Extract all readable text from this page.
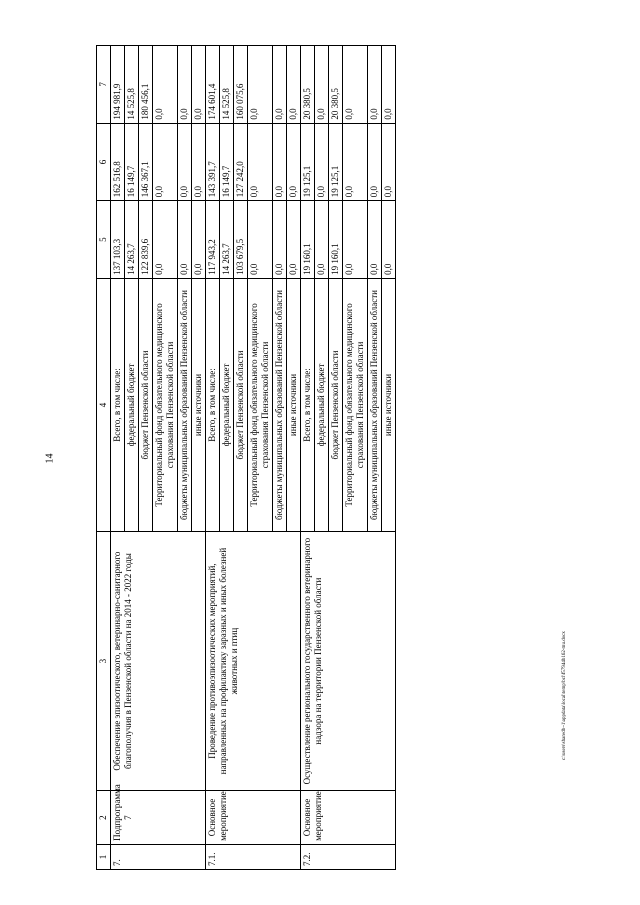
14
c:\users\sharedb~1\appdata\local\temp\bcl\f57944b162-mu.docx
1	2	3	4	5	6	7
7.	Подпрограмма 7	Обеспечение эпизоотического, ветеринарно-санитарного благополучия в Пензенской области на 2014 - 2022 годы	Всего, в том числе:	137 103,3	162 516,8	194 981,9
			федеральный бюджет	14 263,7	16 149,7	14 525,8
			бюджет Пензенской области	122 839,6	146 367,1	180 456,1
			Территориальный фонд обязательного медицинского страхования Пензенской области	0,0	0,0	0,0
			бюджеты муниципальных образований Пензенской области	0,0	0,0	0,0
			иные источники	0,0	0,0	0,0
7.1.	Основное мероприятие	Проведение противоэпизоотических мероприятий, направленных на профилактику заразных и иных болезней животных и птиц	Всего, в том числе:	117 943,2	143 391,7	174 601,4
			федеральный бюджет	14 263,7	16 149,7	14 525,8
			бюджет Пензенской области	103 679,5	127 242,0	160 075,6
			Территориальный фонд обязательного медицинского страхования Пензенской области	0,0	0,0	0,0
			бюджеты муниципальных образований Пензенской области	0,0	0,0	0,0
			иные источники	0,0	0,0	0,0
7.2.	Основное мероприятие	Осуществление регионального государственного ветеринарного надзора на территории Пензенской области	Всего, в том числе:	19 160,1	19 125,1	20 380,5
			федеральный бюджет	0,0	0,0	0,0
			бюджет Пензенской области	19 160,1	19 125,1	20 380,5
			Территориальный фонд обязательного медицинского страхования Пензенской области	0,0	0,0	0,0
			бюджеты муниципальных образований Пензенской области	0,0	0,0	0,0
			иные источники	0,0	0,0	0,0
